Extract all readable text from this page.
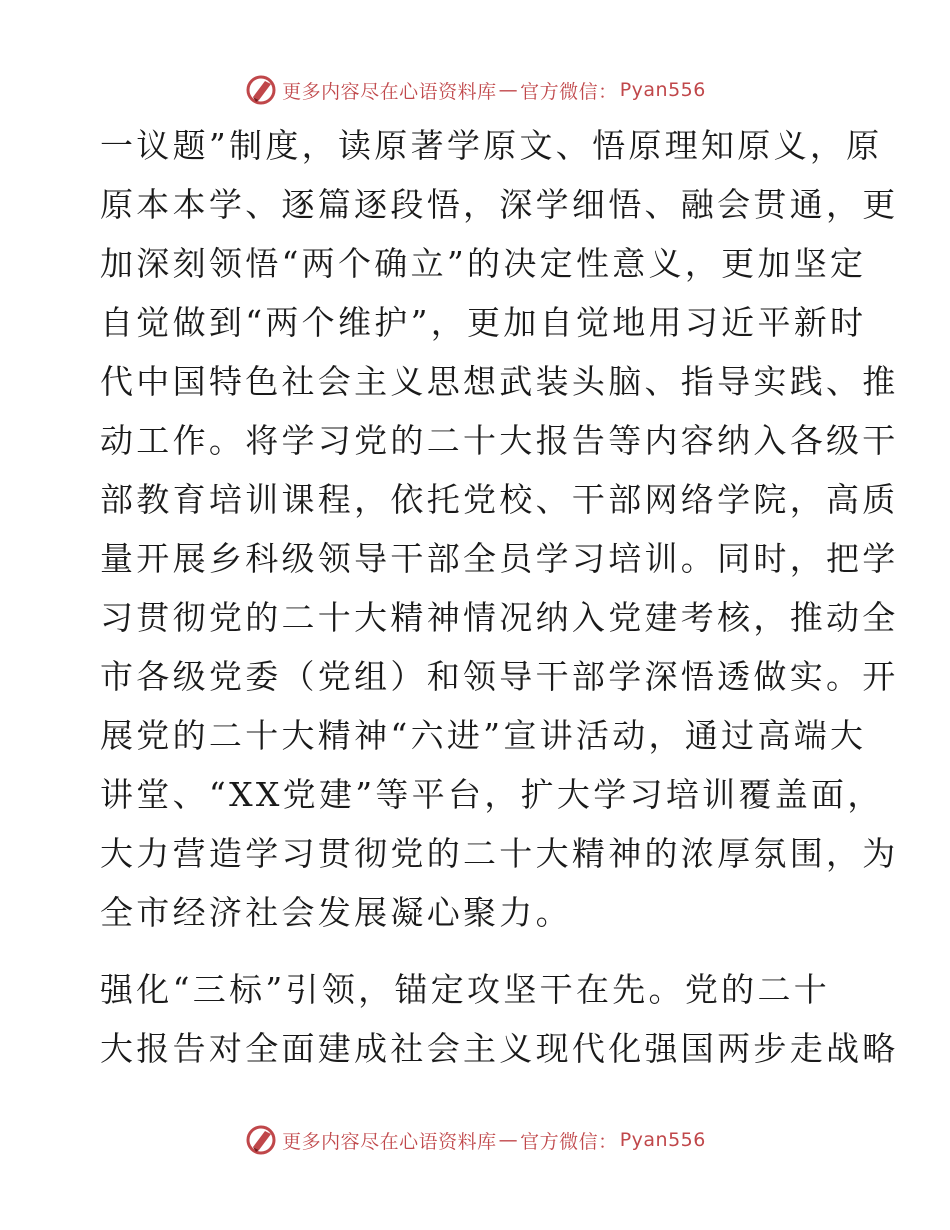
更多内容尽在心语资料库 — 官方微信： Pyan556
一议题”制度，读原著学原文、悟原理知原义，原
原本本学、逐篇逐段悟，深学细悟、融会贯通，更
加深刻领悟“两个确立”的决定性意义，更加坚定
自觉做到“两个维护”，更加自觉地用习近平新时
代中国特色社会主义思想武装头脑、指导实践、推
动工作。将学习党的二十大报告等内容纳入各级干
部教育培训课程，依托党校、干部网络学院，高质
量开展乡科级领导干部全员学习培训。同时，把学
习贯彻党的二十大精神情况纳入党建考核，推动全
市各级党委（党组）和领导干部学深悟透做实。开
展党的二十大精神“六进”宣讲活动，通过高端大
讲堂、“XX党建”等平台，扩大学习培训覆盖面，
大力营造学习贯彻党的二十大精神的浓厚氛围，为
全市经济社会发展凝心聚力。
强化“三标”引领，锚定攻坚干在先。党的二十
大报告对全面建成社会主义现代化强国两步走战略
更多内容尽在心语资料库 — 官方微信： Pyan556
